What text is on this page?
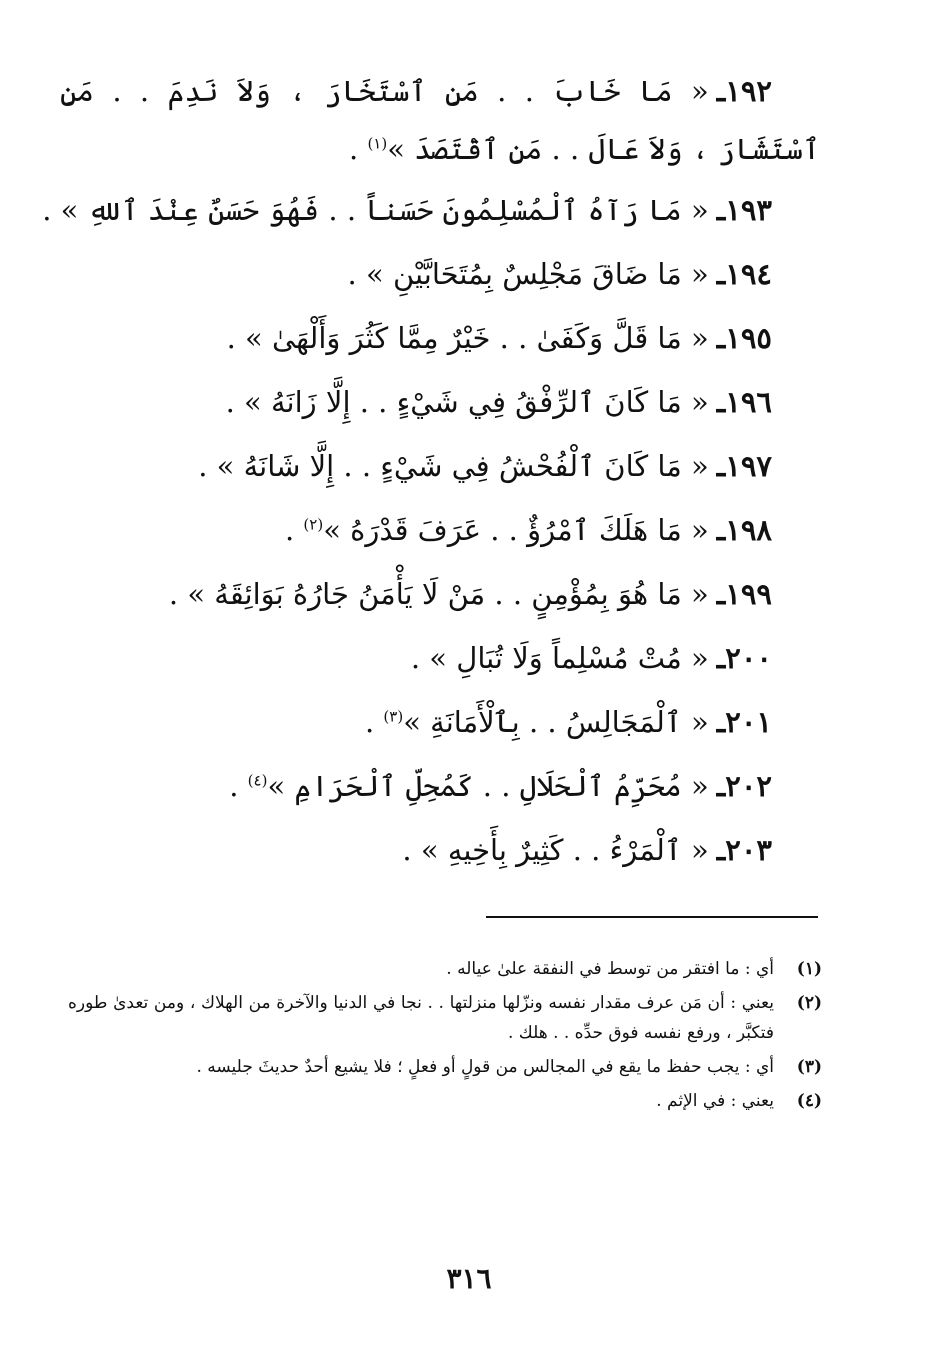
١٩٢ـ« مَا خَابَ . . مَنِ ٱسْتَخَارَ ، وَلاَ نَدِمَ . . مَنِ ٱسْتَشَارَ ، وَلاَ عَالَ . . مَنِ ٱقْتَصَدَ »$^{(١)}$ .
١٩٣ـ« مَا رَآهُ ٱلْمُسْلِمُونَ حَسَناً . . فَهُوَ حَسَنٌ عِنْدَ ٱللهِ » .
١٩٤ـ« مَا ضَاقَ مَجْلِسٌ بِمُتَحَابَّيْنِ » .
١٩٥ـ« مَا قَلَّ وَكَفَىٰ . . خَيْرٌ مِمَّا كَثُرَ وَأَلْهَىٰ » .
١٩٦ـ« مَا كَانَ ٱلرِّفْقُ فِي شَيْءٍ . . إِلَّا زَانَهُ » .
١٩٧ـ« مَا كَانَ ٱلْفُحْشُ فِي شَيْءٍ . . إِلَّا شَانَهُ » .
١٩٨ـ« مَا هَلَكَ ٱمْرُؤٌ . . عَرَفَ قَدْرَهُ »$^{(٢)}$ .
١٩٩ـ« مَا هُوَ بِمُؤْمِنٍ . . مَنْ لَا يَأْمَنُ جَارُهُ بَوَائِقَهُ » .
٢٠٠ـ« مُتْ مُسْلِماً وَلَا تُبَالِ » .
٢٠١ـ« ٱلْمَجَالِسُ . . بِٱلْأَمَانَةِ »$^{(٣)}$ .
٢٠٢ـ« مُحَرِّمُ ٱلْحَلَالِ . . كَمُحِلِّ ٱلْحَرَامِ »$^{(٤)}$ .
٢٠٣ـ« ٱلْمَرْءُ . . كَثِيرٌ بِأَخِيهِ » .
(١)
أي : ما افتقر من توسط في النفقة علىٰ عياله .
(٢)
يعني : أن مَن عرف مقدار نفسه ونزّلها منزلتها . . نجا في الدنيا والآخرة من الهلاك ، ومن تعدىٰ طوره فتكبَّر ، ورفع نفسه فوق حدِّه . . هلك .
(٣)
أي : يجب حفظ ما يقع في المجالس من قولٍ أو فعلٍ ؛ فلا يشيع أحدٌ حديثَ جليسه .
(٤)
يعني : في الإثم .
٣١٦
